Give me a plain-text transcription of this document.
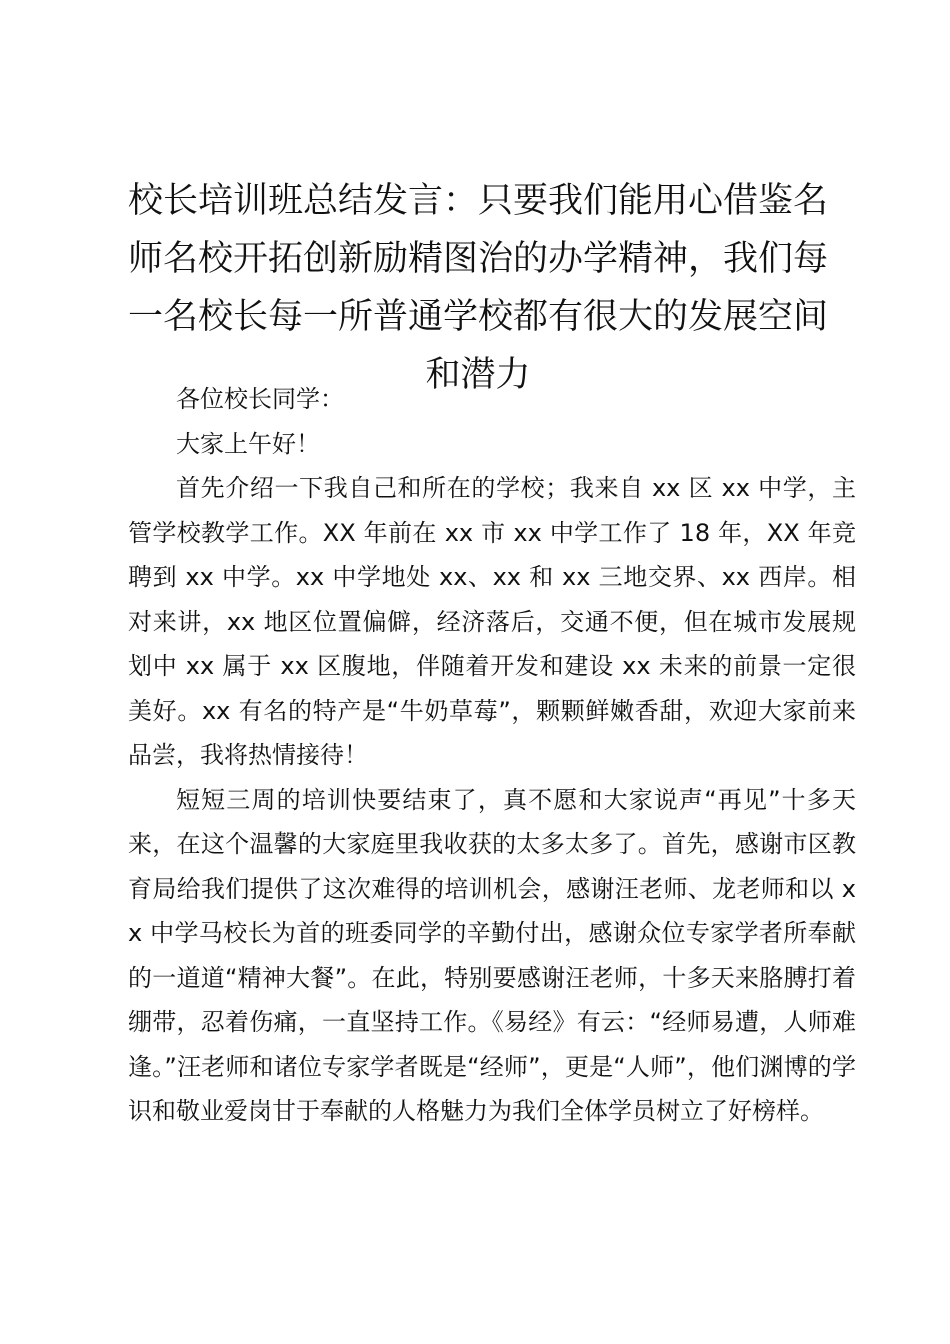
校长培训班总结发言：只要我们能用心借鉴名师名校开拓创新励精图治的办学精神，我们每一名校长每一所普通学校都有很大的发展空间和潜力

各位校长同学：

大家上午好！

首先介绍一下我自己和所在的学校；我来自 xx 区 xx 中学，主管学校教学工作。XX 年前在 xx 市 xx 中学工作了 18 年，XX 年竞聘到 xx 中学。xx 中学地处 xx、xx 和 xx 三地交界、xx 西岸。相对来讲，xx 地区位置偏僻，经济落后，交通不便，但在城市发展规划中 xx 属于 xx 区腹地，伴随着开发和建设 xx 未来的前景一定很美好。xx 有名的特产是“牛奶草莓”，颗颗鲜嫩香甜，欢迎大家前来品尝，我将热情接待！

短短三周的培训快要结束了，真不愿和大家说声“再见”十多天来，在这个温馨的大家庭里我收获的太多太多了。首先，感谢市区教育局给我们提供了这次难得的培训机会，感谢汪老师、龙老师和以 xx 中学马校长为首的班委同学的辛勤付出，感谢众位专家学者所奉献的一道道“精神大餐”。在此，特别要感谢汪老师，十多天来胳膊打着绷带，忍着伤痛，一直坚持工作。《易经》有云：“经师易遭，人师难逢。”汪老师和诸位专家学者既是“经师”，更是“人师”，他们渊博的学识和敬业爱岗甘于奉献的人格魅力为我们全体学员树立了好榜样。
